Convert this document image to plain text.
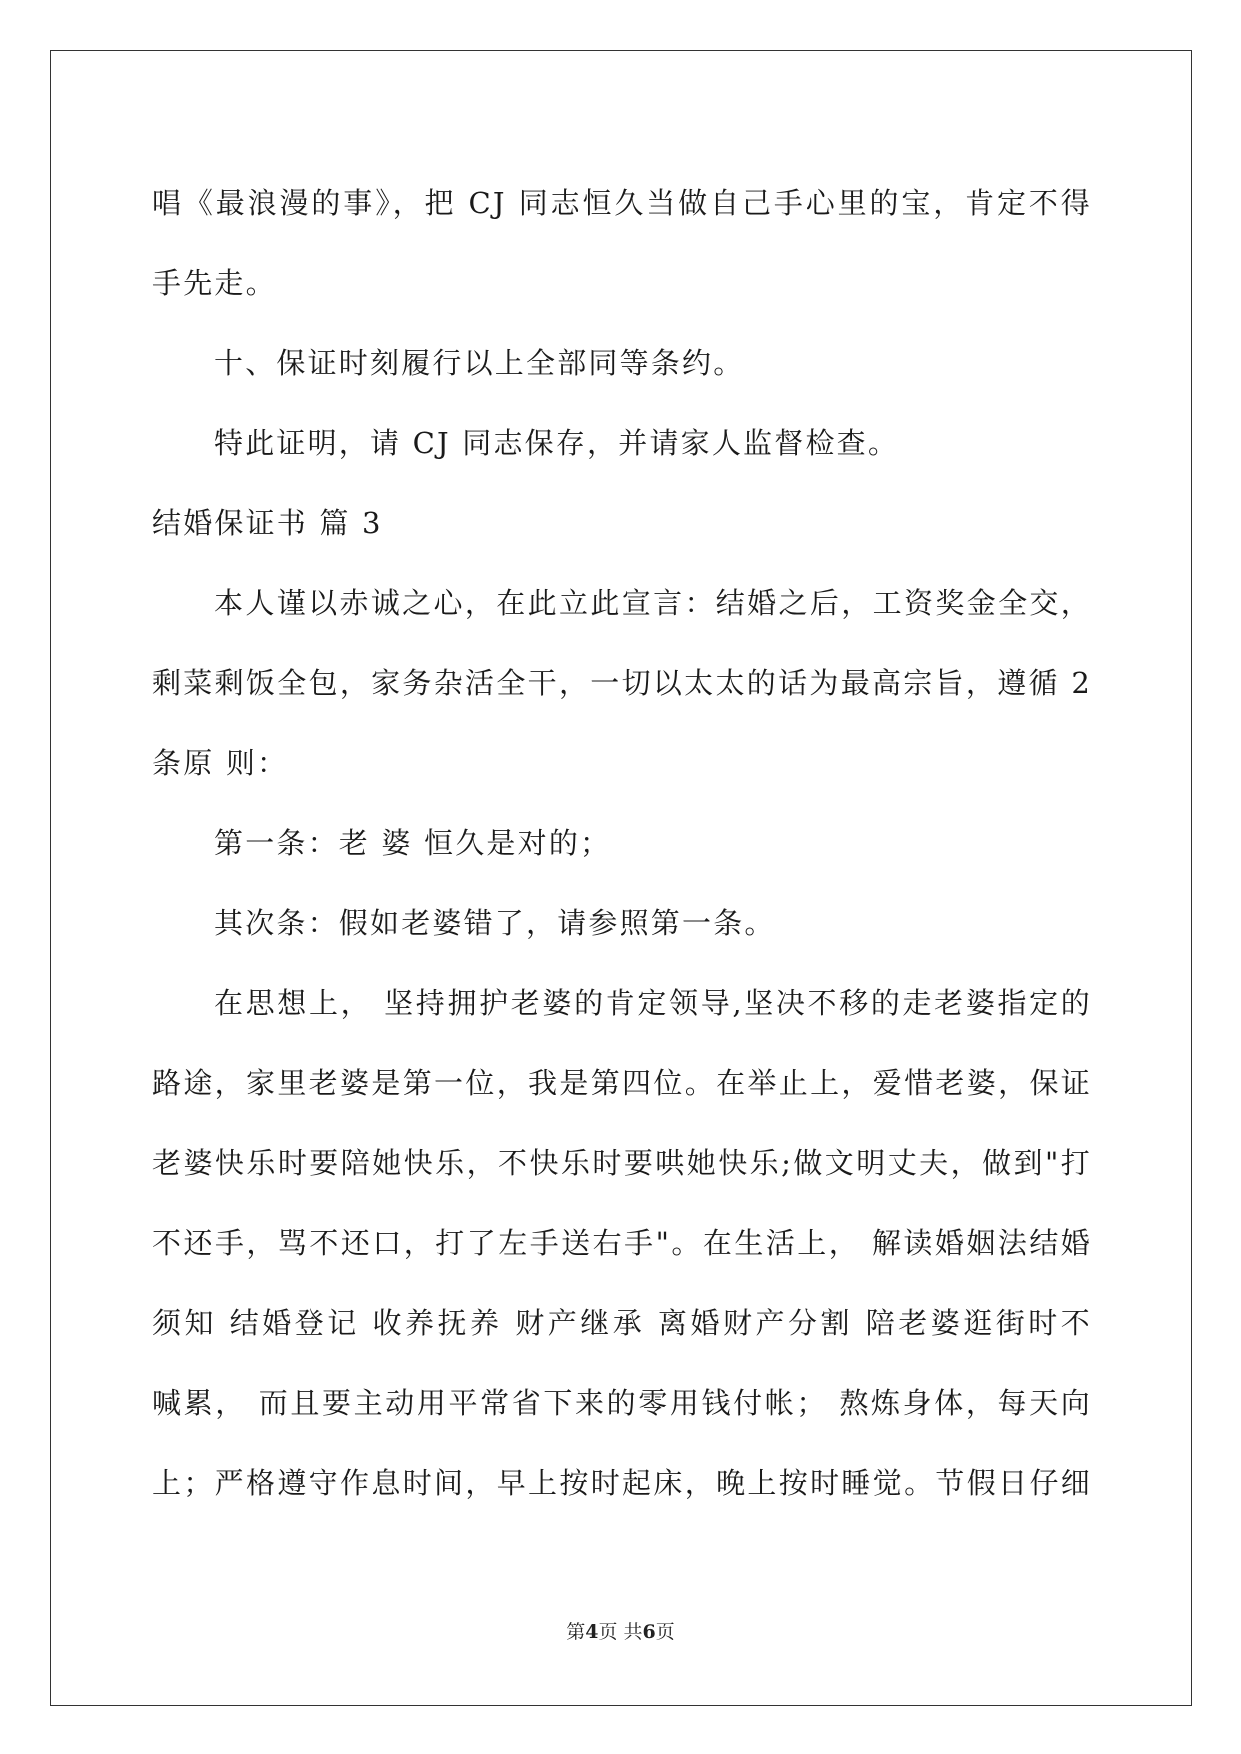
唱《最浪漫的事》，把 CJ 同志恒久当做自己手心里的宝，肯定不得
手先走。
十、保证时刻履行以上全部同等条约。
特此证明，请 CJ 同志保存，并请家人监督检查。
结婚保证书 篇 3
本人谨以赤诚之心，在此立此宣言：结婚之后，工资奖金全交，
剩菜剩饭全包，家务杂活全干，一切以太太的话为最高宗旨，遵循 2
条原 则：
第一条：老 婆 恒久是对的；
其次条：假如老婆错了，请参照第一条。
在思想上， 坚持拥护老婆的肯定领导,坚决不移的走老婆指定的
路途，家里老婆是第一位，我是第四位。在举止上，爱惜老婆，保证
老婆快乐时要陪她快乐，不快乐时要哄她快乐;做文明丈夫，做到"打
不还手，骂不还口，打了左手送右手"。在生活上， 解读婚姻法结婚
须知 结婚登记 收养抚养 财产继承 离婚财产分割 陪老婆逛街时不
喊累， 而且要主动用平常省下来的零用钱付帐； 熬炼身体，每天向
上；严格遵守作息时间，早上按时起床，晚上按时睡觉。节假日仔细
第4页 共6页
